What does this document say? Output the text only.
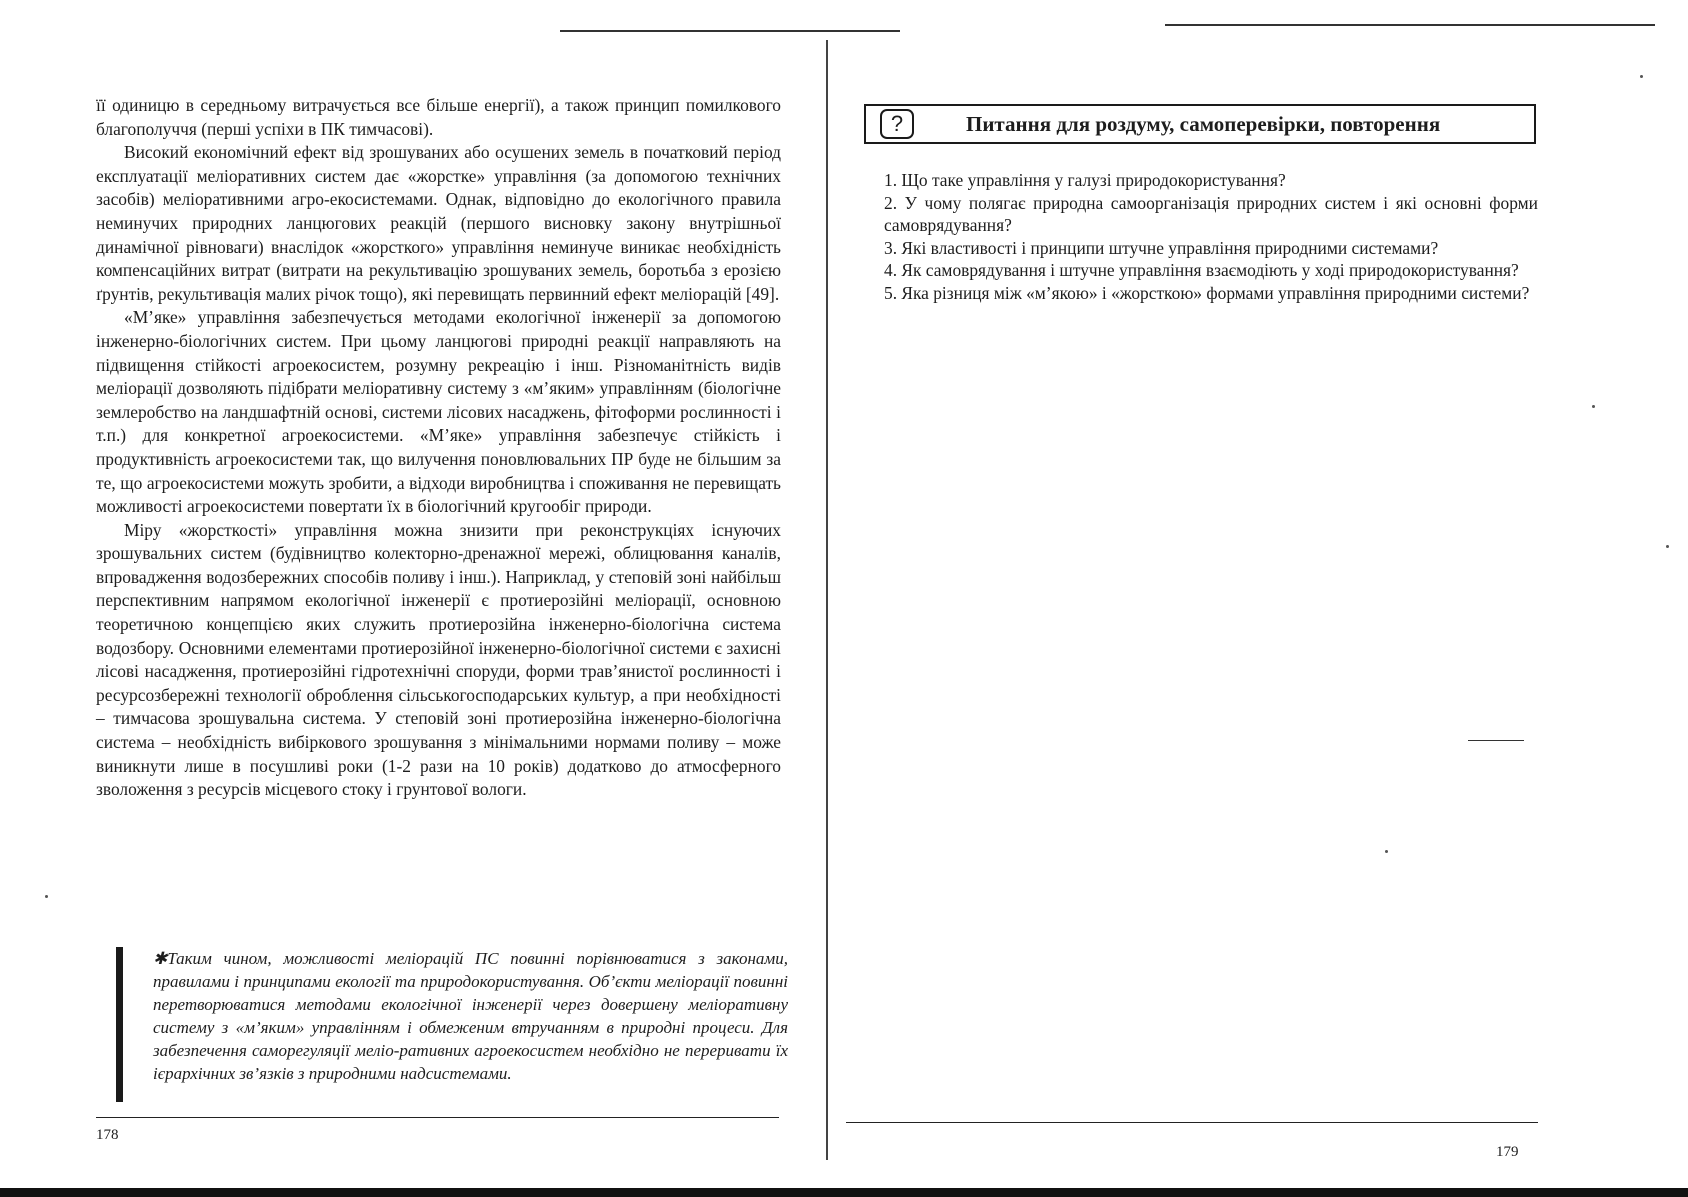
її одиницю в середньому витрачується все більше енергії), а також принцип помилкового благополуччя (перші успіхи в ПК тимчасові).

Високий економічний ефект від зрошуваних або осушених земель в початковий період експлуатації меліоративних систем дає «жорстке» управління (за допомогою технічних засобів) меліоративними агро-екосистемами. Однак, відповідно до екологічного правила неминучих природних ланцюгових реакцій (першого висновку закону внутрішньої динамічної рівноваги) внаслідок «жорсткого» управління неминуче виникає необхідність компенсаційних витрат (витрати на рекультивацію зрошуваних земель, боротьба з ерозією ґрунтів, рекультивація малих річок тощо), які перевищать первинний ефект меліорацій [49].

«М’яке» управління забезпечується методами екологічної інженерії за допомогою інженерно-біологічних систем. При цьому ланцюгові природні реакції направляють на підвищення стійкості агроекосистем, розумну рекреацію і інш. Різноманітність видів меліорації дозволяють підібрати меліоративну систему з «м’яким» управлінням (біологічне землеробство на ландшафтній основі, системи лісових насаджень, фітоформи рослинності і т.п.) для конкретної агроекосистеми. «М’яке» управління забезпечує стійкість і продуктивність агроекосистеми так, що вилучення поновлювальних ПР буде не більшим за те, що агроекосистеми можуть зробити, а відходи виробництва і споживання не перевищать можливості агроекосистеми повертати їх в біологічний кругообіг природи.

Міру «жорсткості» управління можна знизити при реконструкціях існуючих зрошувальних систем (будівництво колекторно-дренажної мережі, облицювання каналів, впровадження водозбережних способів поливу і інш.). Наприклад, у степовій зоні найбільш перспективним напрямом екологічної інженерії є протиерозійні меліорації, основною теоретичною концепцією яких служить протиерозійна інженерно-біологічна система водозбору. Основними елементами протиерозійної інженерно-біологічної системи є захисні лісові насадження, протиерозійні гідротехнічні споруди, форми трав’янистої рослинності і ресурсозбережні технології оброблення сільськогосподарських культур, а при необхідності – тимчасова зрошувальна система. У степовій зоні протиерозійна інженерно-біологічна система – необхідність вибіркового зрошування з мінімальними нормами поливу – може виникнути лише в посушливі роки (1-2 рази на 10 років) додатково до атмосферного зволоження з ресурсів місцевого стоку і грунтової вологи.

✱Таким чином, можливості меліорацій ПС повинні порівнюватися з законами, правилами і принципами екології та природокористування. Об’єкти меліорації повинні перетворюватися методами екологічної інженерії через довершену меліоративну систему з «м’яким» управлінням і обмеженим втручанням в природні процеси. Для забезпечення саморегуляції меліо-ративних агроекосистем необхідно не переривати їх ієрархічних зв’язків з природними надсистемами.

178
?	Питання для роздуму, самоперевірки, повторення
1. Що таке управління у галузі природокористування?
2. У чому полягає природна самоорганізація природних систем і які основні форми самоврядування?
3. Які властивості і принципи штучне управління природними системами?
4. Як самоврядування і штучне управління взаємодіють у ході природокористування?
5. Яка різниця між «м’якою» і «жорсткою» формами управління природними системи?
179
